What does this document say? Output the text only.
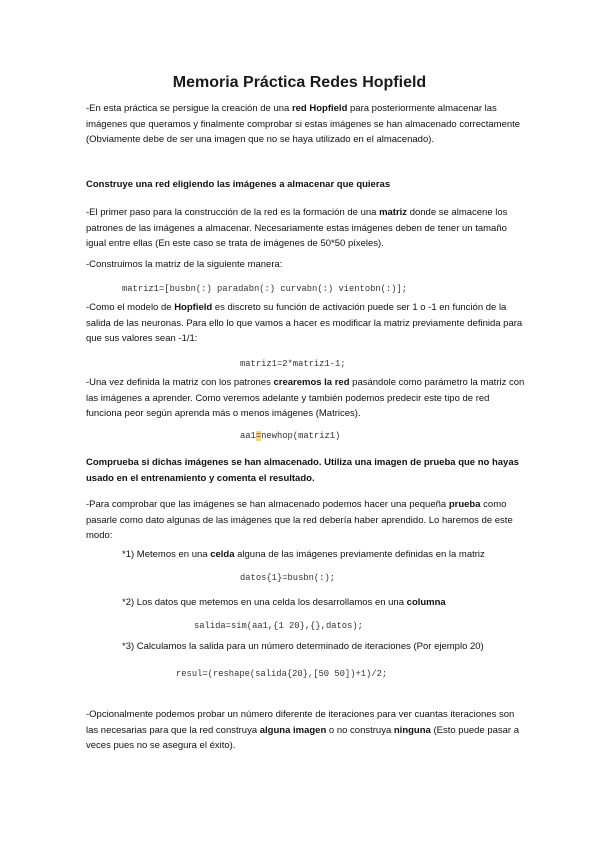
Memoria Práctica Redes Hopfield

-En esta práctica se persigue la creación de una red Hopfield para posteriormente almacenar las imágenes que queramos y finalmente comprobar si estas imágenes se han almacenado correctamente (Obviamente debe de ser una imagen que no se haya utilizado en el almacenado).

Construye una red eligiendo las imágenes a almacenar que quieras

-El primer paso para la construcción de la red es la formación de una matriz donde se almacene los patrones de las imágenes a almacenar. Necesariamente estas imágenes deben de tener un tamaño igual entre ellas (En este caso se trata de imágenes de 50*50 píxeles).

-Construimos la matriz de la siguiente manera:

matriz1=[busbn(:) paradabn(:) curvabn(:) vientobn(:)];

-Como el modelo de Hopfield es discreto su función de activación puede ser 1 o -1 en función de la salida de las neuronas. Para ello lo que vamos a hacer es modificar la matriz previamente definida para que sus valores sean -1/1:

matriz1=2*matriz1-1;

-Una vez definida la matriz con los patrones crearemos la red pasándole como parámetro la matriz con las imágenes a aprender. Como veremos adelante y también podemos predecir este tipo de red funciona peor según aprenda más o menos imágenes (Matrices).

aa1=newhop(matriz1)

Comprueba si dichas imágenes se han almacenado. Utiliza una imagen de prueba que no hayas usado en el entrenamiento y comenta el resultado.

-Para comprobar que las imágenes se han almacenado podemos hacer una pequeña prueba como pasarle como dato algunas de las imágenes que la red debería haber aprendido. Lo haremos de este modo:

*1) Metemos en una celda alguna de las imágenes previamente definidas en la matriz
datos{1}=busbn(:);
*2) Los datos que metemos en una celda los desarrollamos en una columna
salida=sim(aa1,{1 20},{},datos);
*3) Calculamos la salida para un número determinado de iteraciones (Por ejemplo 20)
resul=(reshape(salida{20},[50 50])+1)/2;

-Opcionalmente podemos probar un número diferente de iteraciones para ver cuantas iteraciones son las necesarias para que la red construya alguna imagen o no construya ninguna (Esto puede pasar a veces pues no se asegura el éxito).
